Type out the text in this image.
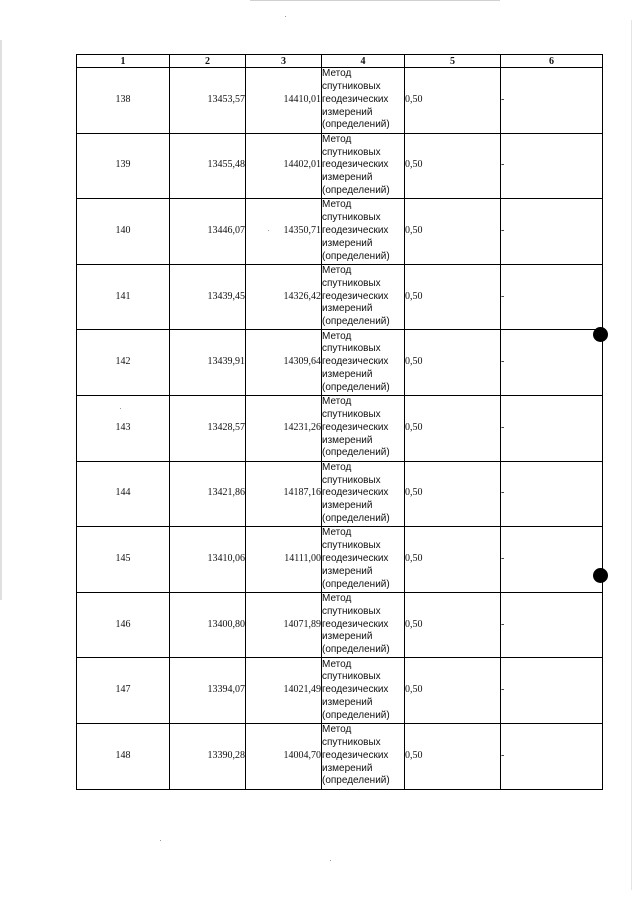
1	2	3	4	5	6
138	13453,57	14410,01	Метод
спутниковых
геодезических
измерений
(определений)	0,50	-
139	13455,48	14402,01	Метод
спутниковых
геодезических
измерений
(определений)	0,50	-
140	13446,07	14350,71	Метод
спутниковых
геодезических
измерений
(определений)	0,50	-
141	13439,45	14326,42	Метод
спутниковых
геодезических
измерений
(определений)	0,50	-
142	13439,91	14309,64	Метод
спутниковых
геодезических
измерений
(определений)	0,50	-
143	13428,57	14231,26	Метод
спутниковых
геодезических
измерений
(определений)	0,50	-
144	13421,86	14187,16	Метод
спутниковых
геодезических
измерений
(определений)	0,50	-
145	13410,06	14111,00	Метод
спутниковых
геодезических
измерений
(определений)	0,50	-
146	13400,80	14071,89	Метод
спутниковых
геодезических
измерений
(определений)	0,50	-
147	13394,07	14021,49	Метод
спутниковых
геодезических
измерений
(определений)	0,50	-
148	13390,28	14004,70	Метод
спутниковых
геодезических
измерений
(определений)	0,50	-
